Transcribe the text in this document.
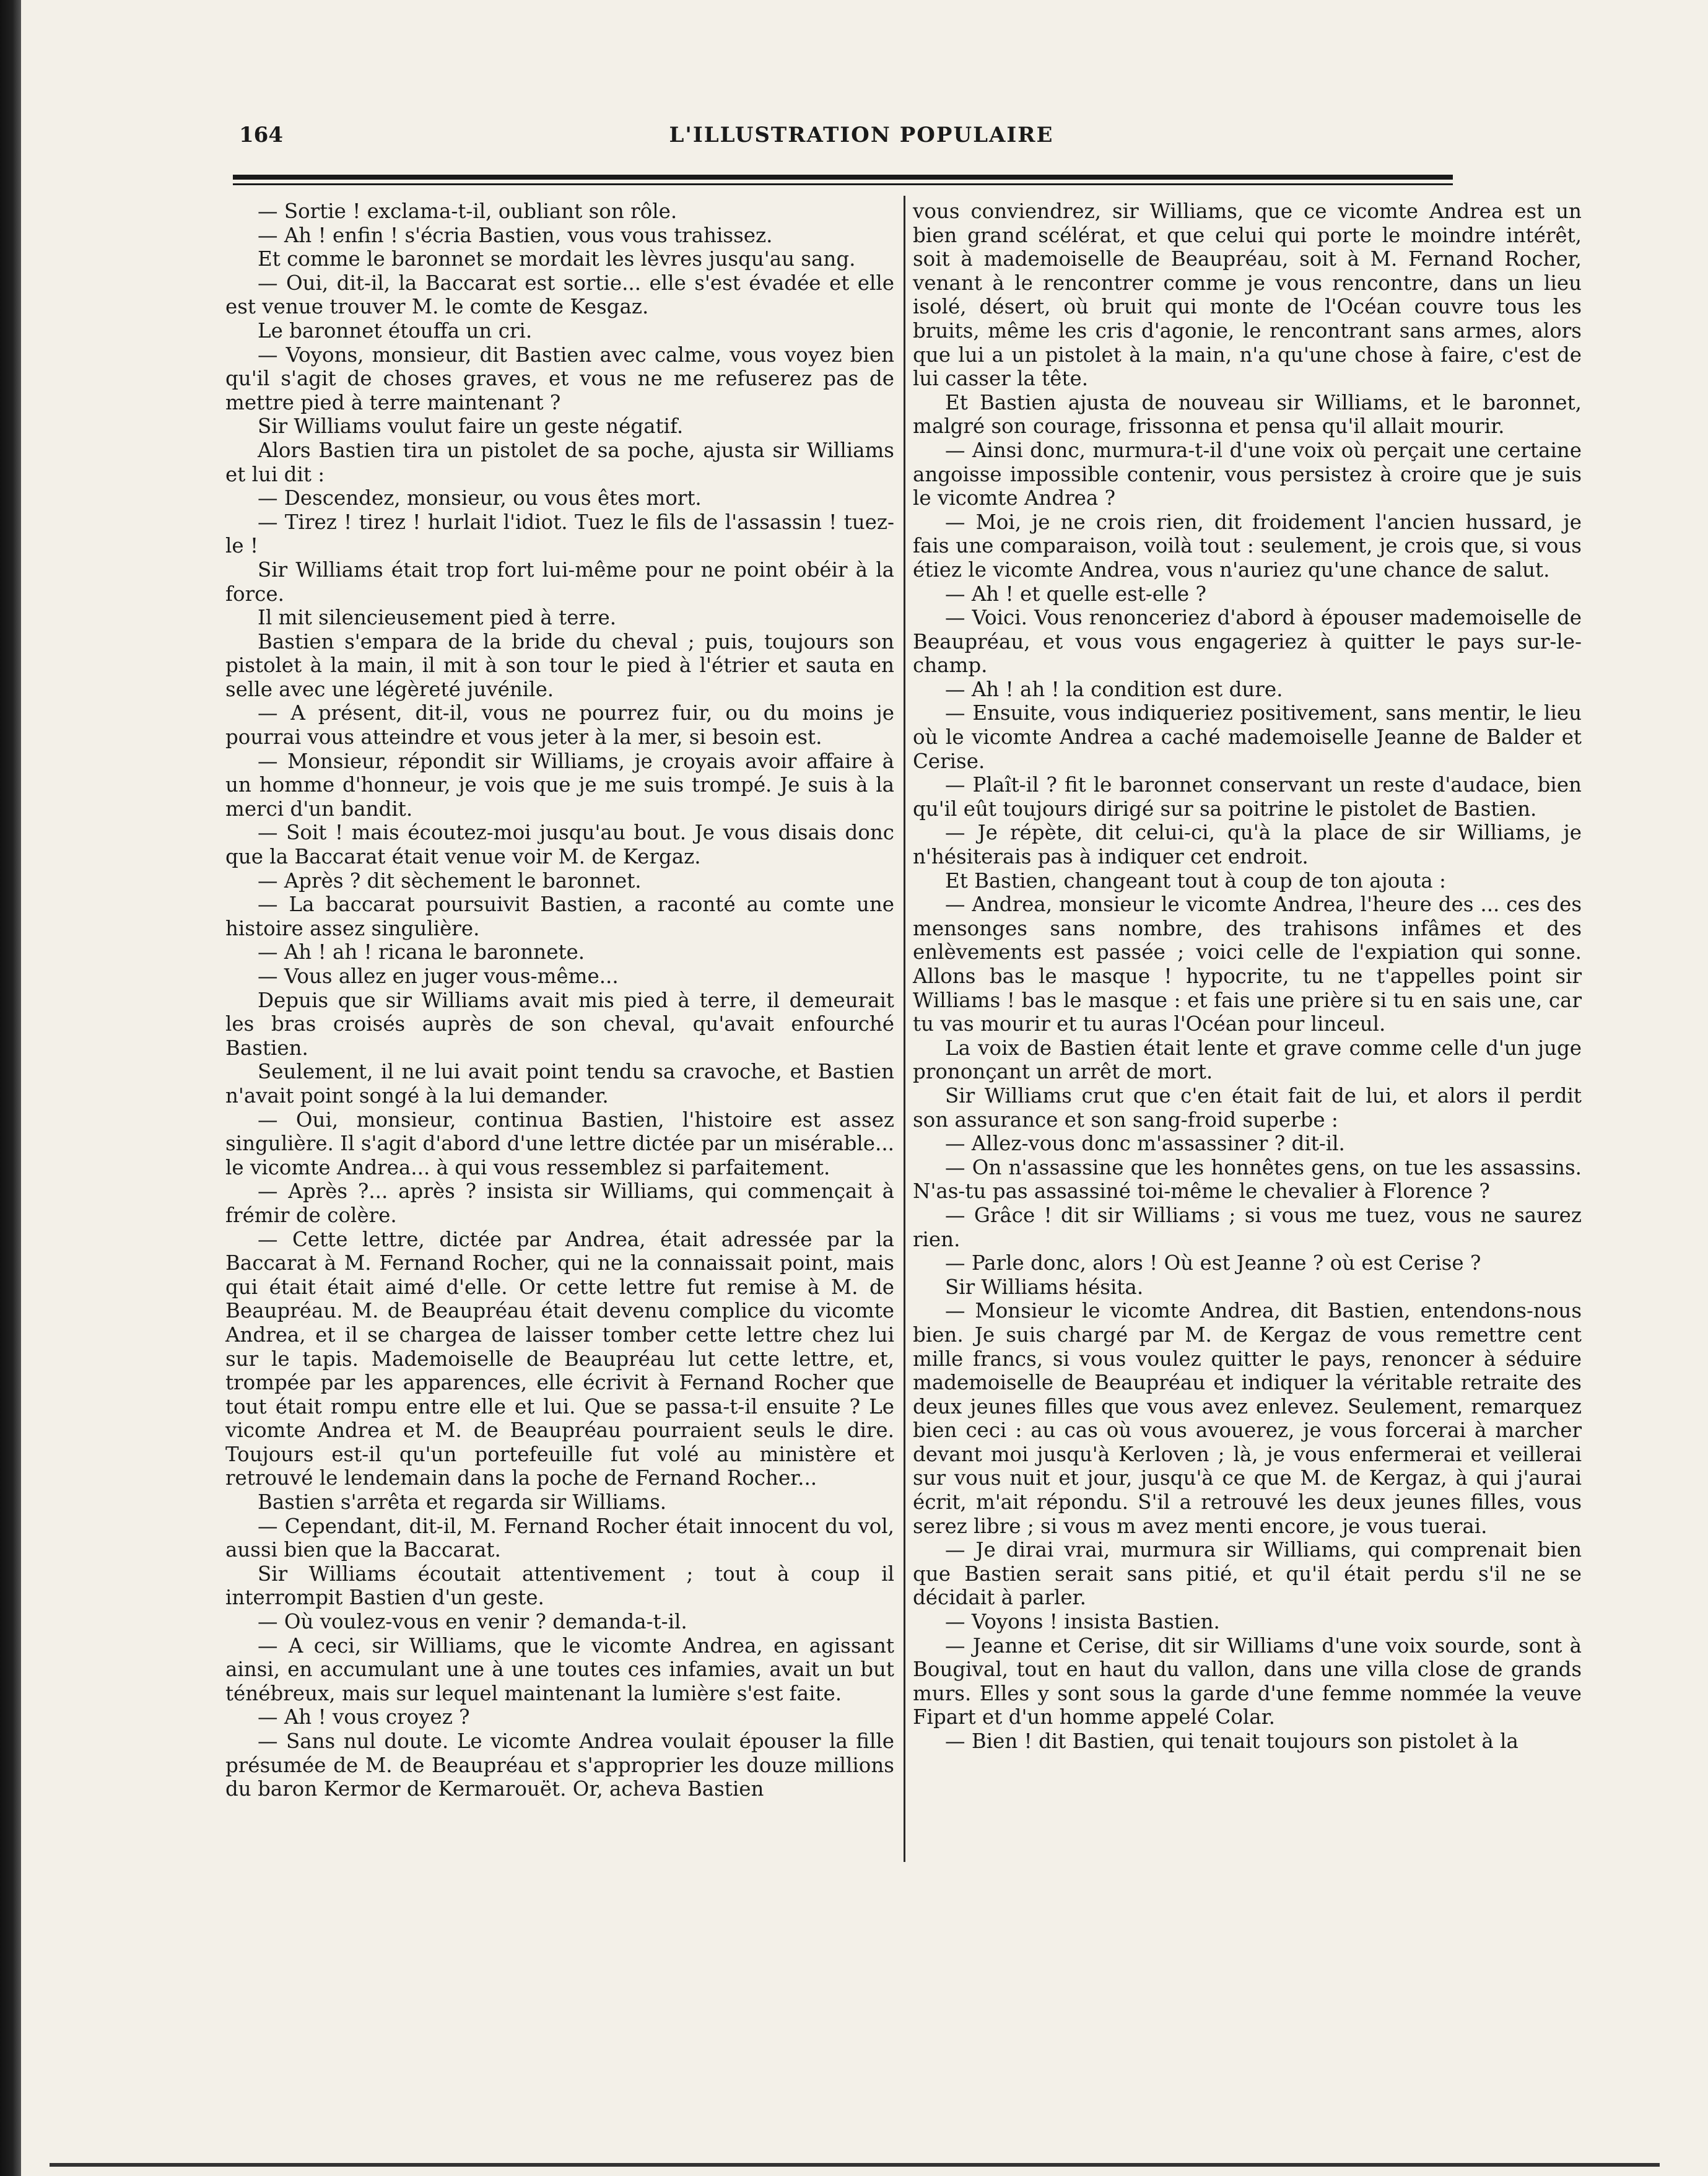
164	L'ILLUSTRATION POPULAIRE

— Sortie ! exclama-t-il, oubliant son rôle.

— Ah ! enfin ! s'écria Bastien, vous vous trahissez.

Et comme le baronnet se mordait les lèvres jusqu'au sang.

— Oui, dit-il, la Baccarat est sortie... elle s'est évadée et elle est venue trouver M. le comte de Kesgaz.

Le baronnet étouffa un cri.

— Voyons, monsieur, dit Bastien avec calme, vous voyez bien qu'il s'agit de choses graves, et vous ne me refuserez pas de mettre pied à terre maintenant ?

Sir Williams voulut faire un geste négatif.

Alors Bastien tira un pistolet de sa poche, ajusta sir Williams et lui dit :

— Descendez, monsieur, ou vous êtes mort.

— Tirez ! tirez ! hurlait l'idiot. Tuez le fils de l'assassin ! tuez-le !

Sir Williams était trop fort lui-même pour ne point obéir à la force.

Il mit silencieusement pied à terre.

Bastien s'empara de la bride du cheval ; puis, toujours son pistolet à la main, il mit à son tour le pied à l'étrier et sauta en selle avec une légèreté juvénile.

— A présent, dit-il, vous ne pourrez fuir, ou du moins je pourrai vous atteindre et vous jeter à la mer, si besoin est.

— Monsieur, répondit sir Williams, je croyais avoir affaire à un homme d'honneur, je vois que je me suis trompé. Je suis à la merci d'un bandit.

— Soit ! mais écoutez-moi jusqu'au bout. Je vous disais donc que la Baccarat était venue voir M. de Kergaz.

— Après ? dit sèchement le baronnet.

— La baccarat poursuivit Bastien, a raconté au comte une histoire assez singulière.

— Ah ! ah ! ricana le baronnete.

— Vous allez en juger vous-même...

Depuis que sir Williams avait mis pied à terre, il demeurait les bras croisés auprès de son cheval, qu'avait enfourché Bastien.

Seulement, il ne lui avait point tendu sa cravoche, et Bastien n'avait point songé à la lui demander.

— Oui, monsieur, continua Bastien, l'histoire est assez singulière. Il s'agit d'abord d'une lettre dictée par un misérable... le vicomte Andrea... à qui vous ressemblez si parfaitement.

— Après ?... après ? insista sir Williams, qui commençait à frémir de colère.

— Cette lettre, dictée par Andrea, était adressée par la Baccarat à M. Fernand Rocher, qui ne la connaissait point, mais qui était était aimé d'elle. Or cette lettre fut remise à M. de Beaupréau. M. de Beaupréau était devenu complice du vicomte Andrea, et il se chargea de laisser tomber cette lettre chez lui sur le tapis. Mademoiselle de Beaupréau lut cette lettre, et, trompée par les apparences, elle écrivit à Fernand Rocher que tout était rompu entre elle et lui. Que se passa-t-il ensuite ? Le vicomte Andrea et M. de Beaupréau pourraient seuls le dire. Toujours est-il qu'un portefeuille fut volé au ministère et retrouvé le lendemain dans la poche de Fernand Rocher...

Bastien s'arrêta et regarda sir Williams.

— Cependant, dit-il, M. Fernand Rocher était innocent du vol, aussi bien que la Baccarat.

Sir Williams écoutait attentivement ; tout à coup il interrompit Bastien d'un geste.

— Où voulez-vous en venir ? demanda-t-il.

— A ceci, sir Williams, que le vicomte Andrea, en agissant ainsi, en accumulant une à une toutes ces infamies, avait un but ténébreux, mais sur lequel maintenant la lumière s'est faite.

— Ah ! vous croyez ?

— Sans nul doute. Le vicomte Andrea voulait épouser la fille présumée de M. de Beaupréau et s'approprier les douze millions du baron Kermor de Kermarouët. Or, acheva Bastien

vous conviendrez, sir Williams, que ce vicomte Andrea est un bien grand scélérat, et que celui qui porte le moindre intérêt, soit à mademoiselle de Beaupréau, soit à M. Fernand Rocher, venant à le rencontrer comme je vous rencontre, dans un lieu isolé, désert, où bruit qui monte de l'Océan couvre tous les bruits, même les cris d'agonie, le rencontrant sans armes, alors que lui a un pistolet à la main, n'a qu'une chose à faire, c'est de lui casser la tête.

Et Bastien ajusta de nouveau sir Williams, et le baronnet, malgré son courage, frissonna et pensa qu'il allait mourir.

— Ainsi donc, murmura-t-il d'une voix où perçait une certaine angoisse impossible contenir, vous persistez à croire que je suis le vicomte Andrea ?

— Moi, je ne crois rien, dit froidement l'ancien hussard, je fais une comparaison, voilà tout : seulement, je crois que, si vous étiez le vicomte Andrea, vous n'auriez qu'une chance de salut.

— Ah ! et quelle est-elle ?

— Voici. Vous renonceriez d'abord à épouser mademoiselle de Beaupréau, et vous vous engageriez à quitter le pays sur-le-champ.

— Ah ! ah ! la condition est dure.

— Ensuite, vous indiqueriez positivement, sans mentir, le lieu où le vicomte Andrea a caché mademoiselle Jeanne de Balder et Cerise.

— Plaît-il ? fit le baronnet conservant un reste d'audace, bien qu'il eût toujours dirigé sur sa poitrine le pistolet de Bastien.

— Je répète, dit celui-ci, qu'à la place de sir Williams, je n'hésiterais pas à indiquer cet endroit.

Et Bastien, changeant tout à coup de ton ajouta :

— Andrea, monsieur le vicomte Andrea, l'heure des ... ces des mensonges sans nombre, des trahisons infâmes et des enlèvements est passée ; voici celle de l'expiation qui sonne. Allons bas le masque ! hypocrite, tu ne t'appelles point sir Williams ! bas le masque : et fais une prière si tu en sais une, car tu vas mourir et tu auras l'Océan pour linceul.

La voix de Bastien était lente et grave comme celle d'un juge prononçant un arrêt de mort.

Sir Williams crut que c'en était fait de lui, et alors il perdit son assurance et son sang-froid superbe :

— Allez-vous donc m'assassiner ? dit-il.

— On n'assassine que les honnêtes gens, on tue les assassins. N'as-tu pas assassiné toi-même le chevalier à Florence ?

— Grâce ! dit sir Williams ; si vous me tuez, vous ne saurez rien.

— Parle donc, alors ! Où est Jeanne ? où est Cerise ?

Sir Williams hésita.

— Monsieur le vicomte Andrea, dit Bastien, entendons-nous bien. Je suis chargé par M. de Kergaz de vous remettre cent mille francs, si vous voulez quitter le pays, renoncer à séduire mademoiselle de Beaupréau et indiquer la véritable retraite des deux jeunes filles que vous avez enlevez. Seulement, remarquez bien ceci : au cas où vous avouerez, je vous forcerai à marcher devant moi jusqu'à Kerloven ; là, je vous enfermerai et veillerai sur vous nuit et jour, jusqu'à ce que M. de Kergaz, à qui j'aurai écrit, m'ait répondu. S'il a retrouvé les deux jeunes filles, vous serez libre ; si vous m avez menti encore, je vous tuerai.

— Je dirai vrai, murmura sir Williams, qui comprenait bien que Bastien serait sans pitié, et qu'il était perdu s'il ne se décidait à parler.

— Voyons ! insista Bastien.

— Jeanne et Cerise, dit sir Williams d'une voix sourde, sont à Bougival, tout en haut du vallon, dans une villa close de grands murs. Elles y sont sous la garde d'une femme nommée la veuve Fipart et d'un homme appelé Colar.

— Bien ! dit Bastien, qui tenait toujours son pistolet à la
